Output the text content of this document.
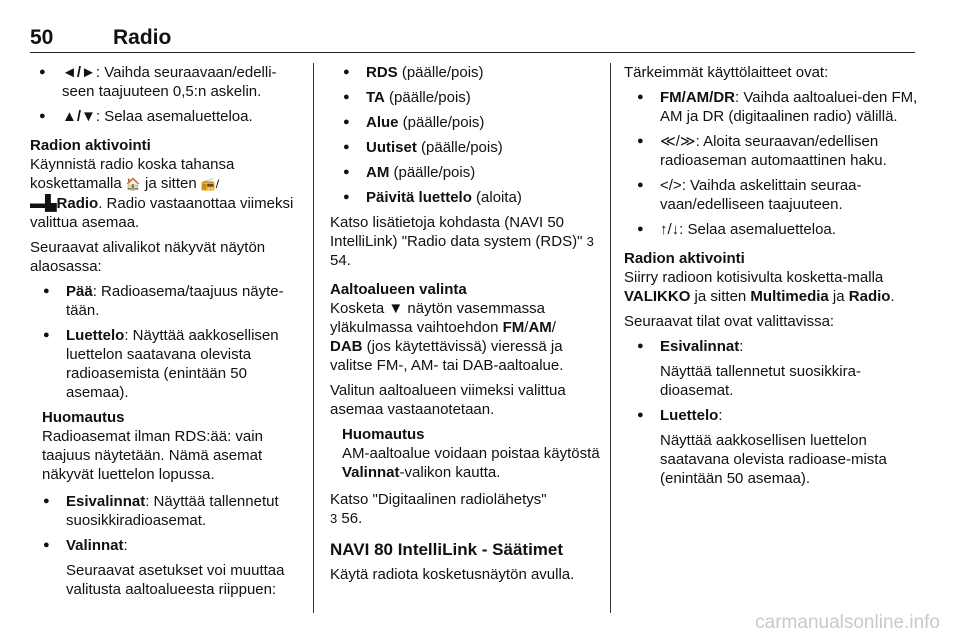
50	Radio
● ◄/►: Vaihda seuraavaan/edelli-seen taajuuteen 0,5:n askelin.
● ▲/▼: Selaa asemaluetteloa.

Radion aktivointi

Käynnistä radio koska tahansa koskettamalla 🏠 ja sitten 📻/
▬▙Radio. Radio vastaanottaa viimeksi valittua asemaa.

Seuraavat alivalikot näkyvät näytön alaosassa:

● Pää: Radioasema/taajuus näyte-tään.
● Luettelo: Näyttää aakkosellisen luettelon saatavana olevista radioasemista (enintään 50 asemaa).
Huomautus
Radioasemat ilman RDS:ää: vain taajuus näytetään. Nämä asemat näkyvät luettelon lopussa.
● Esivalinnat: Näyttää tallennetut suosikkiradioasemat.
● Valinnat:

Seuraavat asetukset voi muuttaa valitusta aaltoalueesta riippuen:

● RDS (päälle/pois)
● TA (päälle/pois)
● Alue (päälle/pois)
● Uutiset (päälle/pois)
● AM (päälle/pois)
● Päivitä luettelo (aloita)

Katso lisätietoja kohdasta (NAVI 50 IntelliLink) "Radio data system (RDS)" 3 54.

Aaltoalueen valinta

Kosketa ▼ näytön vasemmassa yläkulmassa vaihtoehdon FM/AM/
DAB (jos käytettävissä) vieressä ja valitse FM-, AM- tai DAB-aaltoalue.

Valitun aaltoalueen viimeksi valittua asemaa vastaanotetaan.

Huomautus
AM-aaltoalue voidaan poistaa käytöstä Valinnat-valikon kautta.

Katso "Digitaalinen radiolähetys"
3 56.

NAVI 80 IntelliLink - Säätimet

Käytä radiota kosketusnäytön avulla.

Tärkeimmät käyttölaitteet ovat:

● FM/AM/DR: Vaihda aaltoaluei-den FM, AM ja DR (digitaalinen radio) välillä.
● ≪/≫: Aloita seuraavan/edellisen radioaseman automaattinen haku.
● </>: Vaihda askelittain seuraa-vaan/edelliseen taajuuteen.
● ↑/↓: Selaa asemaluetteloa.

Radion aktivointi

Siirry radioon kotisivulta kosketta-malla VALIKKO ja sitten Multimedia ja Radio.

Seuraavat tilat ovat valittavissa:

● Esivalinnat:

Näyttää tallennetut suosikkira-dioasemat.

● Luettelo:

Näyttää aakkosellisen luettelon saatavana olevista radioase-mista (enintään 50 asemaa).

carmanualsonline.info
